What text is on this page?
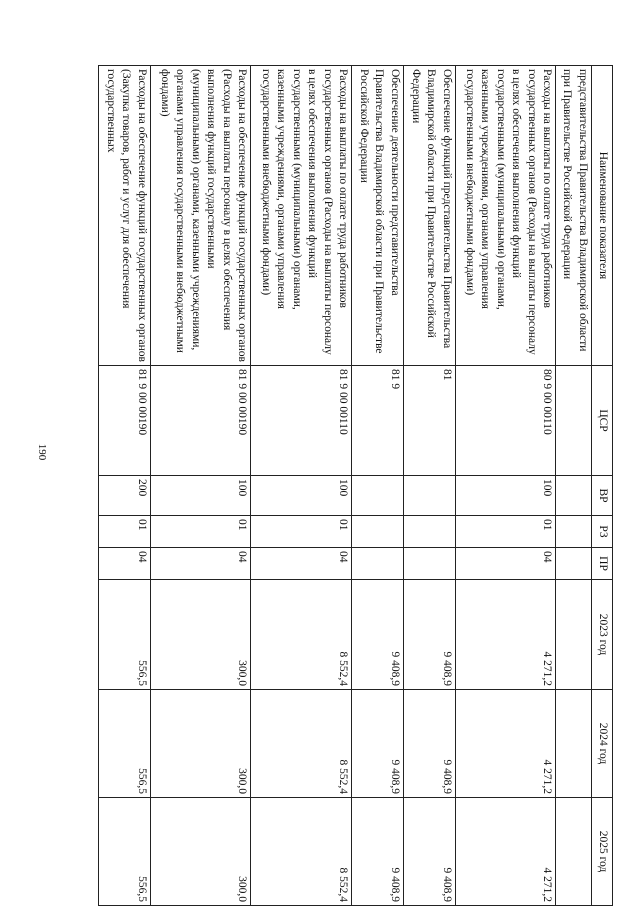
190
Наименование показателя	ЦСР	ВР	РЗ	ПР	2023 год	2024 год	2025 год
представительства Правительства Владимирской области при Правительстве Российской Федерации							
Расходы на выплаты по оплате труда работников государственных органов (Расходы на выплаты персоналу в целях обеспечения выполнения функций государственными (муниципальными) органами, казенными учреждениями, органами управления государственными внебюджетными фондами)	80 9 00 00110	100	01	04	4 271,2	4 271,2	4 271,2
Обеспечение функций представительства Правительства Владимирской области при Правительстве Российской Федерации	81				9 408,9	9 408,9	9 408,9
Обеспечение деятельности представительства Правительства Владимирской области при Правительстве Российской Федерации	81 9				9 408,9	9 408,9	9 408,9
Расходы на выплаты по оплате труда работников государственных органов (Расходы на выплаты персоналу в целях обеспечения выполнения функций государственными (муниципальными) органами, казенными учреждениями, органами управления государственными внебюджетными фондами)	81 9 00 00110	100	01	04	8 552,4	8 552,4	8 552,4
Расходы на обеспечение функций государственных органов (Расходы на выплаты персоналу в целях обеспечения выполнения функций государственными (муниципальными) органами, казенными учреждениями, органами управления государственными внебюджетными фондами)	81 9 00 00190	100	01	04	300,0	300,0	300,0
Расходы на обеспечение функций государственных органов (Закупка товаров, работ и услуг для обеспечения государственных	81 9 00 00190	200	01	04	556,5	556,5	556,5
